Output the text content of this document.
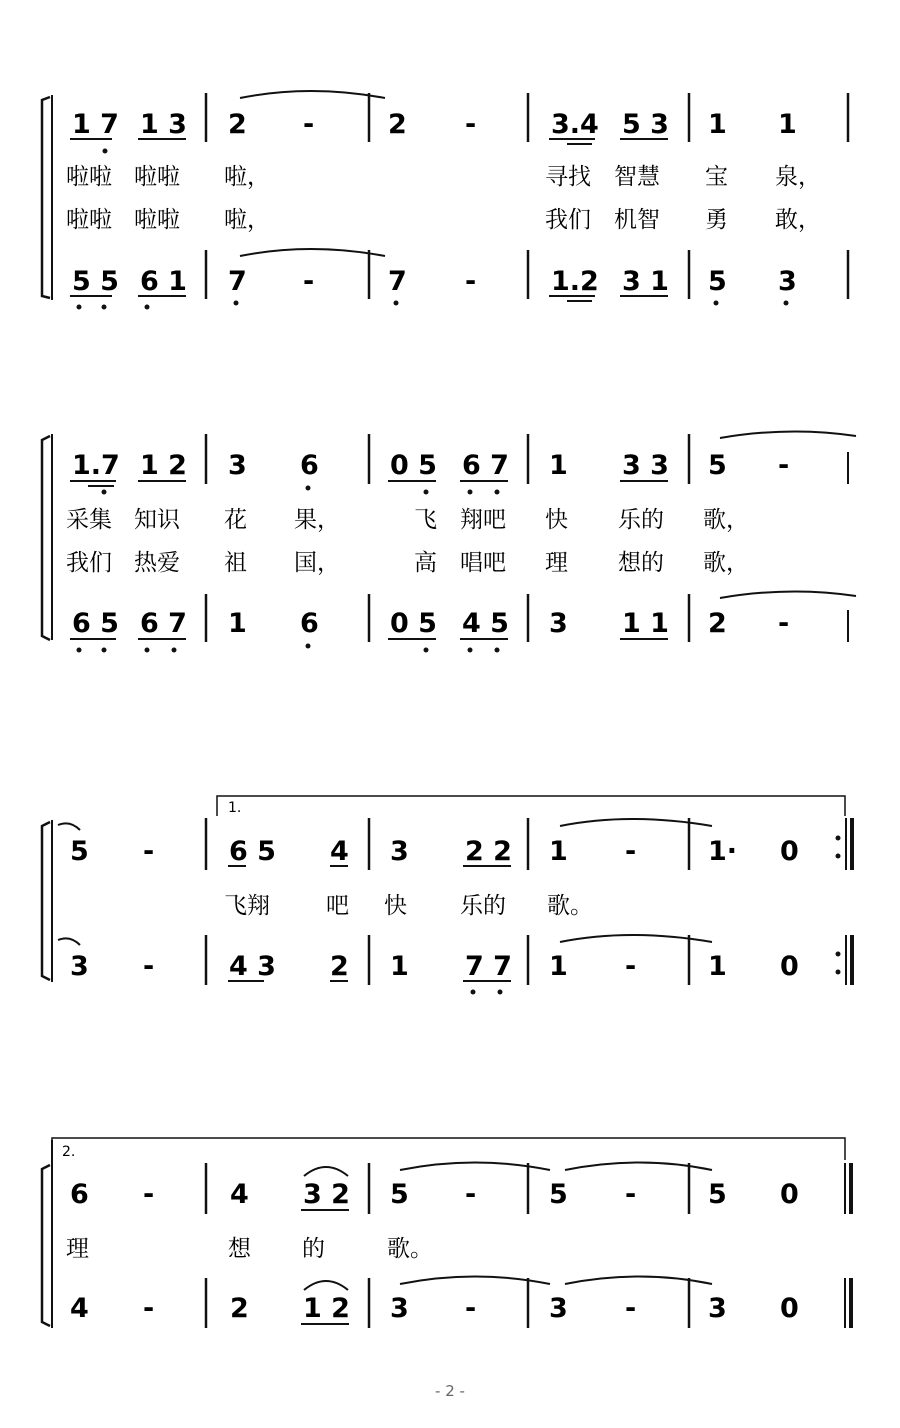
1 7 1 3 2 -	2 -	3.4 5 3 1 1
啦啦 啦啦 啦，	寻找 智慧 宝 泉，
啦啦 啦啦 啦，	我们 机智 勇 敢，
5 5 6 1 7 -	7 -	1.2 3 1 5 3
1.7 1 2 3 6	0 5 6 7 1 3 3 5 -
采集 知识 花 果，	飞 翔吧 快 乐的 歌，
我们 热爱 祖 国，	高 唱吧 理 想的 歌，
6 5 6 7 1 6	0 5 4 5 3 1 1 2 -
1.
5 -	6 5 4 3 2 2 1 -	1· 0
飞翔 吧 快 乐的 歌。
3 -	4 3 2 1 7 7 1 -	1 0
2.
6 -	4 3 2 5 -	5 -	5 0
理	想 的	歌。
4 -	2 1 2 3 -	3 -	3 0
- 2 -
